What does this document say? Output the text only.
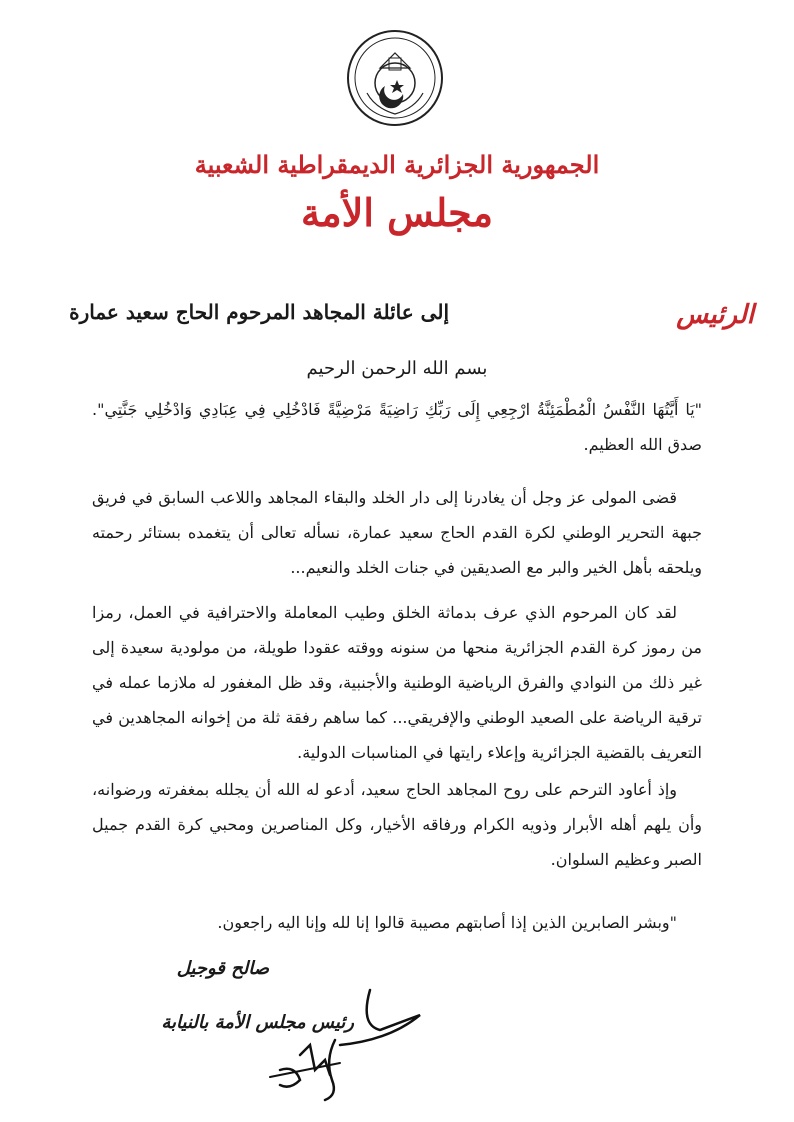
الجمهورية الجزائرية الديمقراطية الشعبية
مجلس الأمة
الرئيس
إلى عائلة المجاهد المرحوم الحاج سعيد عمارة
بسم الله الرحمن الرحيم
"يَا أَيَّتُهَا النَّفْسُ الْمُطْمَئِنَّةُ ارْجِعِي إِلَى رَبِّكِ رَاضِيَةً مَرْضِيَّةً فَادْخُلِي فِي عِبَادِي وَادْخُلِي جَنَّتِي". صدق الله العظيم.
قضى المولى عز وجل أن يغادرنا إلى دار الخلد والبقاء المجاهد واللاعب السابق في فريق جبهة التحرير الوطني لكرة القدم الحاج سعيد عمارة، نسأله تعالى أن يتغمده بستائر رحمته ويلحقه بأهل الخير والبر مع الصديقين في جنات الخلد والنعيم...
لقد كان المرحوم الذي عرف بدماثة الخلق وطيب المعاملة والاحترافية في العمل، رمزا من رموز كرة القدم الجزائرية منحها من سنونه ووقته عقودا طويلة، من مولودية سعيدة إلى غير ذلك من النوادي والفرق الرياضية الوطنية والأجنبية، وقد ظل المغفور له ملازما عمله في ترقية الرياضة على الصعيد الوطني والإفريقي... كما ساهم رفقة ثلة من إخوانه المجاهدين في التعريف بالقضية الجزائرية وإعلاء رايتها في المناسبات الدولية.
وإذ أعاود الترحم على روح المجاهد الحاج سعيد، أدعو له الله أن يجلله بمغفرته ورضوانه، وأن يلهم أهله الأبرار وذويه الكرام ورفاقه الأخيار، وكل المناصرين ومحبي كرة القدم جميل الصبر وعظيم السلوان.
"وبشر الصابرين الذين إذا أصابتهم مصيبة قالوا إنا لله وإنا اليه راجعون.
صالح قوجيل
رئيس مجلس الأمة بالنيابة
